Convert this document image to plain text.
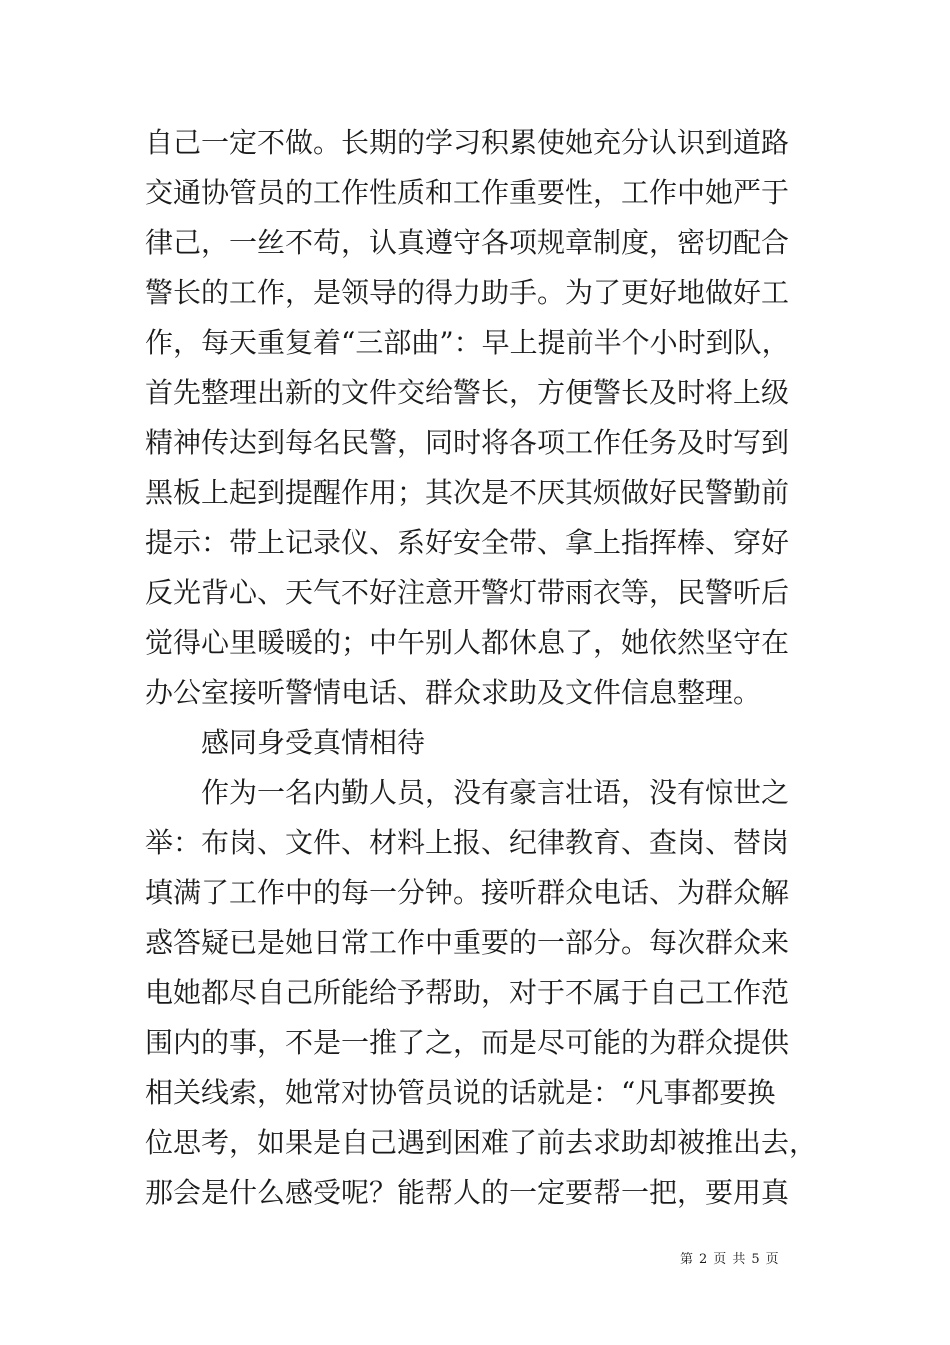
自己一定不做。长期的学习积累使她充分认识到道路
交通协管员的工作性质和工作重要性，工作中她严于
律己，一丝不苟，认真遵守各项规章制度，密切配合
警长的工作，是领导的得力助手。为了更好地做好工
作，每天重复着“三部曲”：早上提前半个小时到队，
首先整理出新的文件交给警长，方便警长及时将上级
精神传达到每名民警，同时将各项工作任务及时写到
黑板上起到提醒作用；其次是不厌其烦做好民警勤前
提示：带上记录仪、系好安全带、拿上指挥棒、穿好
反光背心、天气不好注意开警灯带雨衣等，民警听后
觉得心里暖暖的；中午别人都休息了，她依然坚守在
办公室接听警情电话、群众求助及文件信息整理。
感同身受真情相待
作为一名内勤人员，没有豪言壮语，没有惊世之
举：布岗、文件、材料上报、纪律教育、查岗、替岗
填满了工作中的每一分钟。接听群众电话、为群众解
惑答疑已是她日常工作中重要的一部分。每次群众来
电她都尽自己所能给予帮助，对于不属于自己工作范
围内的事，不是一推了之，而是尽可能的为群众提供
相关线索，她常对协管员说的话就是：“凡事都要换
位思考，如果是自己遇到困难了前去求助却被推出去，
那会是什么感受呢？能帮人的一定要帮一把，要用真
第 2 页 共 5 页
